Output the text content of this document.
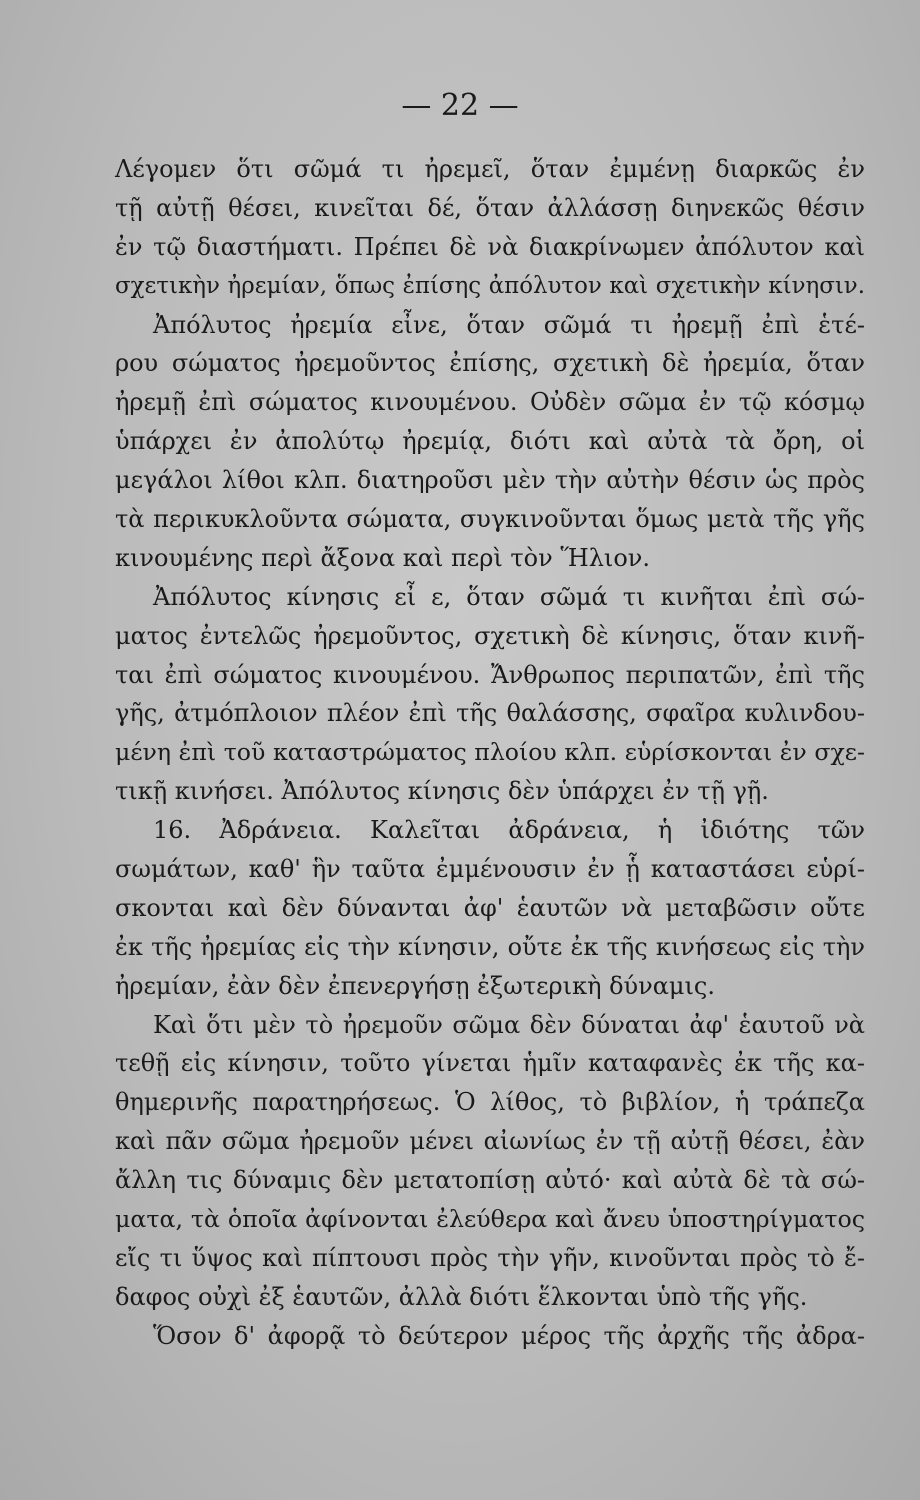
— 22 —
Λέγομεν ὅτι σῶμά τι ἠρεμεῖ, ὅταν ἐμμένῃ διαρκῶς ἐν
τῇ αὐτῇ θέσει, κινεῖται δέ, ὅταν ἀλλάσσῃ διηνεκῶς θέσιν
ἐν τῷ διαστήματι. Πρέπει δὲ νὰ διακρίνωμεν ἀπόλυτον καὶ
σχετικὴν ἠρεμίαν, ὅπως ἐπίσης ἀπόλυτον καὶ σχετικὴν κίνησιν.
Ἀπόλυτος ἠρεμία εἶνε, ὅταν σῶμά τι ἠρεμῇ ἐπὶ ἑτέ-
ρου σώματος ἠρεμοῦντος ἐπίσης, σχετικὴ δὲ ἠρεμία, ὅταν
ἠρεμῇ ἐπὶ σώματος κινουμένου. Οὐδὲν σῶμα ἐν τῷ κόσμῳ
ὑπάρχει ἐν ἀπολύτῳ ἠρεμίᾳ, διότι καὶ αὐτὰ τὰ ὄρη, οἱ
μεγάλοι λίθοι κλπ. διατηροῦσι μὲν τὴν αὐτὴν θέσιν ὡς πρὸς
τὰ περικυκλοῦντα σώματα, συγκινοῦνται ὅμως μετὰ τῆς γῆς
κινουμένης περὶ ἄξονα καὶ περὶ τὸν Ἥλιον.
Ἀπόλυτος κίνησις εἶ ε, ὅταν σῶμά τι κινῆται ἐπὶ σώ-
ματος ἐντελῶς ἠρεμοῦντος, σχετικὴ δὲ κίνησις, ὅταν κινῆ-
ται ἐπὶ σώματος κινουμένου. Ἄνθρωπος περιπατῶν, ἐπὶ τῆς
γῆς, ἀτμόπλοιον πλέον ἐπὶ τῆς θαλάσσης, σφαῖρα κυλινδου-
μένη ἐπὶ τοῦ καταστρώματος πλοίου κλπ. εὑρίσκονται ἐν σχε-
τικῇ κινήσει. Ἀπόλυτος κίνησις δὲν ὑπάρχει ἐν τῇ γῇ.
16. Ἀδράνεια. Καλεῖται ἀδράνεια, ἡ ἰδιότης τῶν
σωμάτων, καθ' ἣν ταῦτα ἐμμένουσιν ἐν ᾗ καταστάσει εὑρί-
σκονται καὶ δὲν δύνανται ἀφ' ἑαυτῶν νὰ μεταβῶσιν οὔτε
ἐκ τῆς ἠρεμίας εἰς τὴν κίνησιν, οὔτε ἐκ τῆς κινήσεως εἰς τὴν
ἠρεμίαν, ἐὰν δὲν ἐπενεργήσῃ ἐξωτερικὴ δύναμις.
Καὶ ὅτι μὲν τὸ ἠρεμοῦν σῶμα δὲν δύναται ἀφ' ἑαυτοῦ νὰ
τεθῇ εἰς κίνησιν, τοῦτο γίνεται ἡμῖν καταφανὲς ἐκ τῆς κα-
θημερινῆς παρατηρήσεως. Ὁ λίθος, τὸ βιβλίον, ἡ τράπεζα
καὶ πᾶν σῶμα ἠρεμοῦν μένει αἰωνίως ἐν τῇ αὐτῇ θέσει, ἐὰν
ἄλλη τις δύναμις δὲν μετατοπίσῃ αὐτό· καὶ αὐτὰ δὲ τὰ σώ-
ματα, τὰ ὁποῖα ἀφίνονται ἐλεύθερα καὶ ἄνευ ὑποστηρίγματος
εἴς τι ὕψος καὶ πίπτουσι πρὸς τὴν γῆν, κινοῦνται πρὸς τὸ ἔ-
δαφος οὐχὶ ἐξ ἑαυτῶν, ἀλλὰ διότι ἕλκονται ὑπὸ τῆς γῆς.
Ὅσον δ' ἀφορᾷ τὸ δεύτερον μέρος τῆς ἀρχῆς τῆς ἀδρα-
